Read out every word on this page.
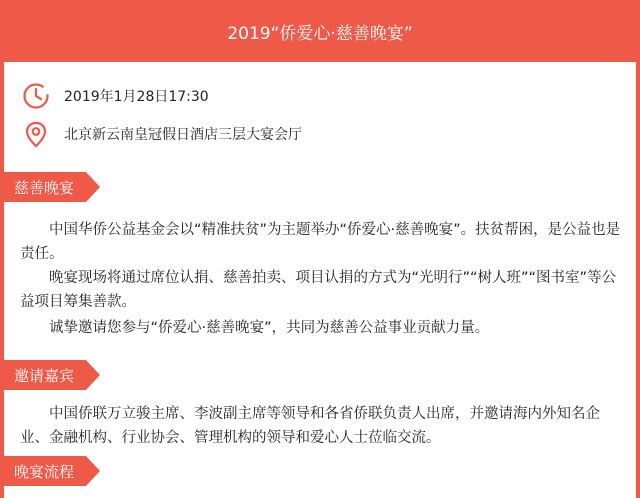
2019“侨爱心·慈善晚宴”
2019年1月28日17:30
北京新云南皇冠假日酒店三层大宴会厅
慈善晚宴

中国华侨公益基金会以“精准扶贫”为主题举办“侨爱心·慈善晚宴”。扶贫帮困，是公益也是责任。

晚宴现场将通过席位认捐、慈善拍卖、项目认捐的方式为“光明行”“树人班”“图书室”等公益项目筹集善款。

诚挚邀请您参与“侨爱心·慈善晚宴”，共同为慈善公益事业贡献力量。

邀请嘉宾

中国侨联万立骏主席、李波副主席等领导和各省侨联负责人出席，并邀请海内外知名企业、金融机构、行业协会、管理机构的领导和爱心人士莅临交流。

晚宴流程
